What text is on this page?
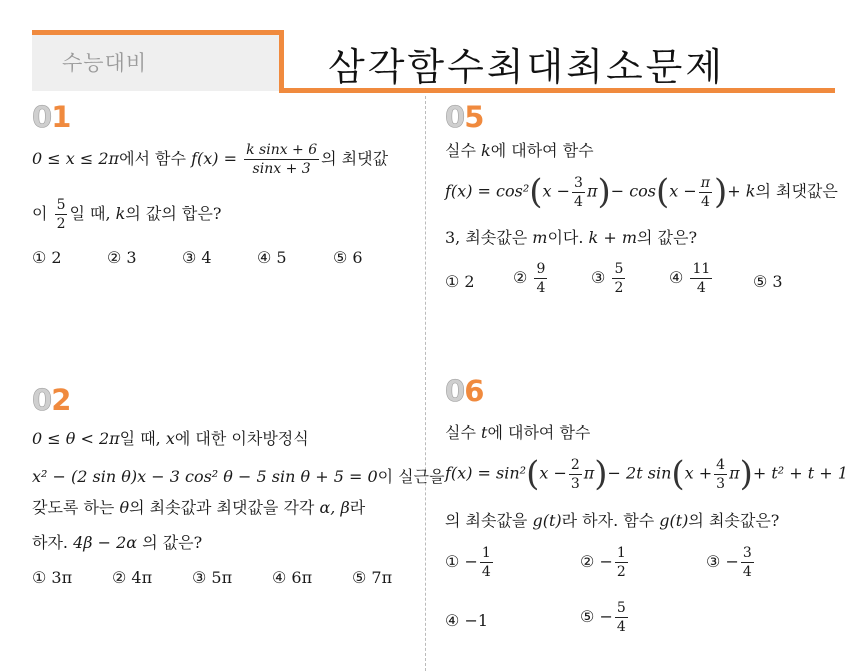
수능대비	삼각함수최대최소문제
01
0 ≤ x ≤ 2π에서 함수 $f(x) = \frac{\text{k sinx + 6}}{\sin x + 3}$ 의 최댓값
이 $\frac{5}{2}$ 일 때, k의 값의 합은?
① 2	② 3	③ 4	④ 5	⑤ 6
02
0 ≤ θ < 2π일 때, x에 대한 이차방정식
x² − (2 sin θ)x − 3 cos² θ − 5 sin θ + 5 = 0이 실근을
갖도록 하는 θ의 최솟값과 최댓값을 각각 α, β라
하자. 4β − 2α 의 값은?
① 3π ② 4π ③ 5π ④ 6π ⑤ 7π
05
실수 k에 대하여 함수
$f(x) = \cos^2(x - \frac{3}{4} \pi)- \cos(x - \frac{\pi}{4}$ )+ k의 최댓값은
3, 최솟값은 m이다. k + m의 값은?
① 2 ② $\frac{9}{4}$	③ $\frac{5}{2}$	④ $\frac{11}{4}$	⑤ 3
06
실수 t에 대하여 함수
$f(x) = \sin^2(x - \frac{2}{3} \pi)- 2t$ $\sin(x + \frac{4}{3} \pi)+ t^2 + t + 1$
의 최솟값을 g(t)라 하자. 함수 g(t)의 최솟값은?
① − $\frac{1}{4}$	② − $\frac{1}{2}$	③ − $\frac{3}{4}$
④ −1	⑤ − $\frac{5}{4}$
